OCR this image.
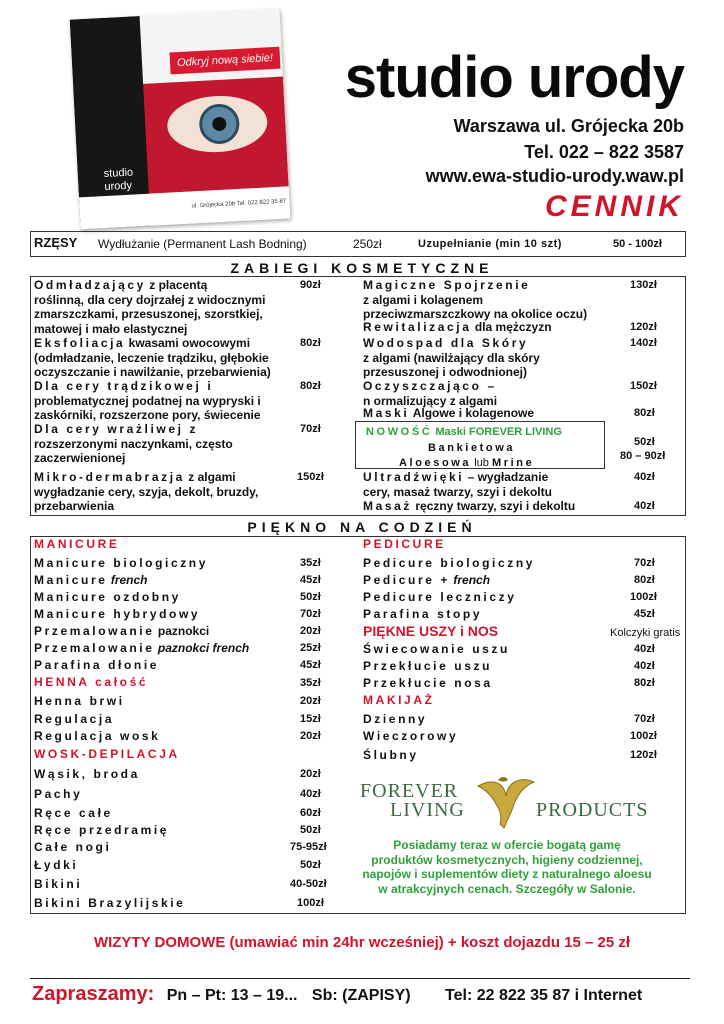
Odkryj nową siebie!
studio
urody
ul. Grójecka 20b Tel. 022 822 35 87
studio urody
Warszawa ul. Grójecka 20b
Tel. 022 – 822 3587
www.ewa-studio-urody.waw.pl
CENNIK
RZĘSY Wydłużanie (Permanent Lash Bodning)	250zł	Uzupełnianie (min 10 szt)	50 - 100zł
ZABIEGI KOSMETYCZNE
Odmładzający z placentą
roślinną, dla cery dojrzałej z widocznymi
zmarszczkami, przesuszonej, szorstkiej,
matowej i mało elastycznej
90zł
Eksfoliacja kwasami owocowymi
(odmładzanie, leczenie trądziku, głębokie
oczyszczanie i nawilżanie, przebarwienia)
80zł
Dla cery trądzikowej i
problematycznej podatnej na wypryski i
zaskórniki, rozszerzone pory, świecenie
80zł
Dla cery wrażliwej z
rozszerzonymi naczynkami, często
zaczerwienionej
70zł
Mikro-dermabrazja z algami
wygładzanie cery, szyja, dekolt, bruzdy,
przebarwienia
150zł
Magiczne Spojrzenie
z algami i kolagenem
przeciwzmarszczkowy na okolice oczu)
130zł
Rewitalizacja dla mężczyzn	120zł
Wodospad dla Skóry
z algami (nawilżający dla skóry
przesuszonej i odwodnionej)
140zł
Oczyszczająco –
n ormalizujący z algami
150zł
Maski Algowe i kolagenowe	80zł
NOWOŚĆ Maski FOREVER LIVING
Bankietowa	50zł
Aloesowa lub Mrine
80 – 90zł
Ultradźwięki – wygładzanie
cery, masaż twarzy, szyi i dekoltu
40zł
Masaż ręczny twarzy, szyi i dekoltu	40zł
PIĘKNO NA CODZIEŃ
MANICURE
Manicure biologiczny	35zł
Manicure french	45zł
Manicure ozdobny	50zł
Manicure hybrydowy	70zł
Przemalowanie paznokci	20zł
Przemalowanie paznokci french	25zł
Parafina dłonie	45zł
HENNA całość	35zł
Henna brwi	20zł
Regulacja	15zł
Regulacja wosk	20zł
WOSK-DEPILACJA
Wąsik, broda	20zł
Pachy	40zł
Ręce całe	60zł
Ręce przedramię	50zł
Całe nogi	75-95zł
Łydki	50zł
Bikini	40-50zł
Bikini Brazylijskie	100zł
PEDICURE
Pedicure biologiczny	70zł
Pedicure + french	80zł
Pedicure leczniczy	100zł
Parafina stopy	45zł
PIĘKNE USZY i NOS	Kolczyki gratis
Świecowanie uszu	40zł
Przekłucie uszu	40zł
Przekłucie nosa	80zł
MAKIJAŻ
Dzienny	70zł
Wieczorowy	100zł
Ślubny	120zł
FOREVER
LIVING	PRODUCTS
Posiadamy teraz w ofercie bogatą gamę produktów kosmetycznych, higieny codziennej, napojów i suplementów diety z naturalnego aloesu w atrakcyjnych cenach. Szczegóły w Salonie.
WIZYTY DOMOWE (umawiać min 24hr wcześniej) + koszt dojazdu 15 – 25 zł
Zapraszamy: Pn – Pt: 13 – 19... Sb: (ZAPISY) Tel: 22 822 35 87 i Internet
